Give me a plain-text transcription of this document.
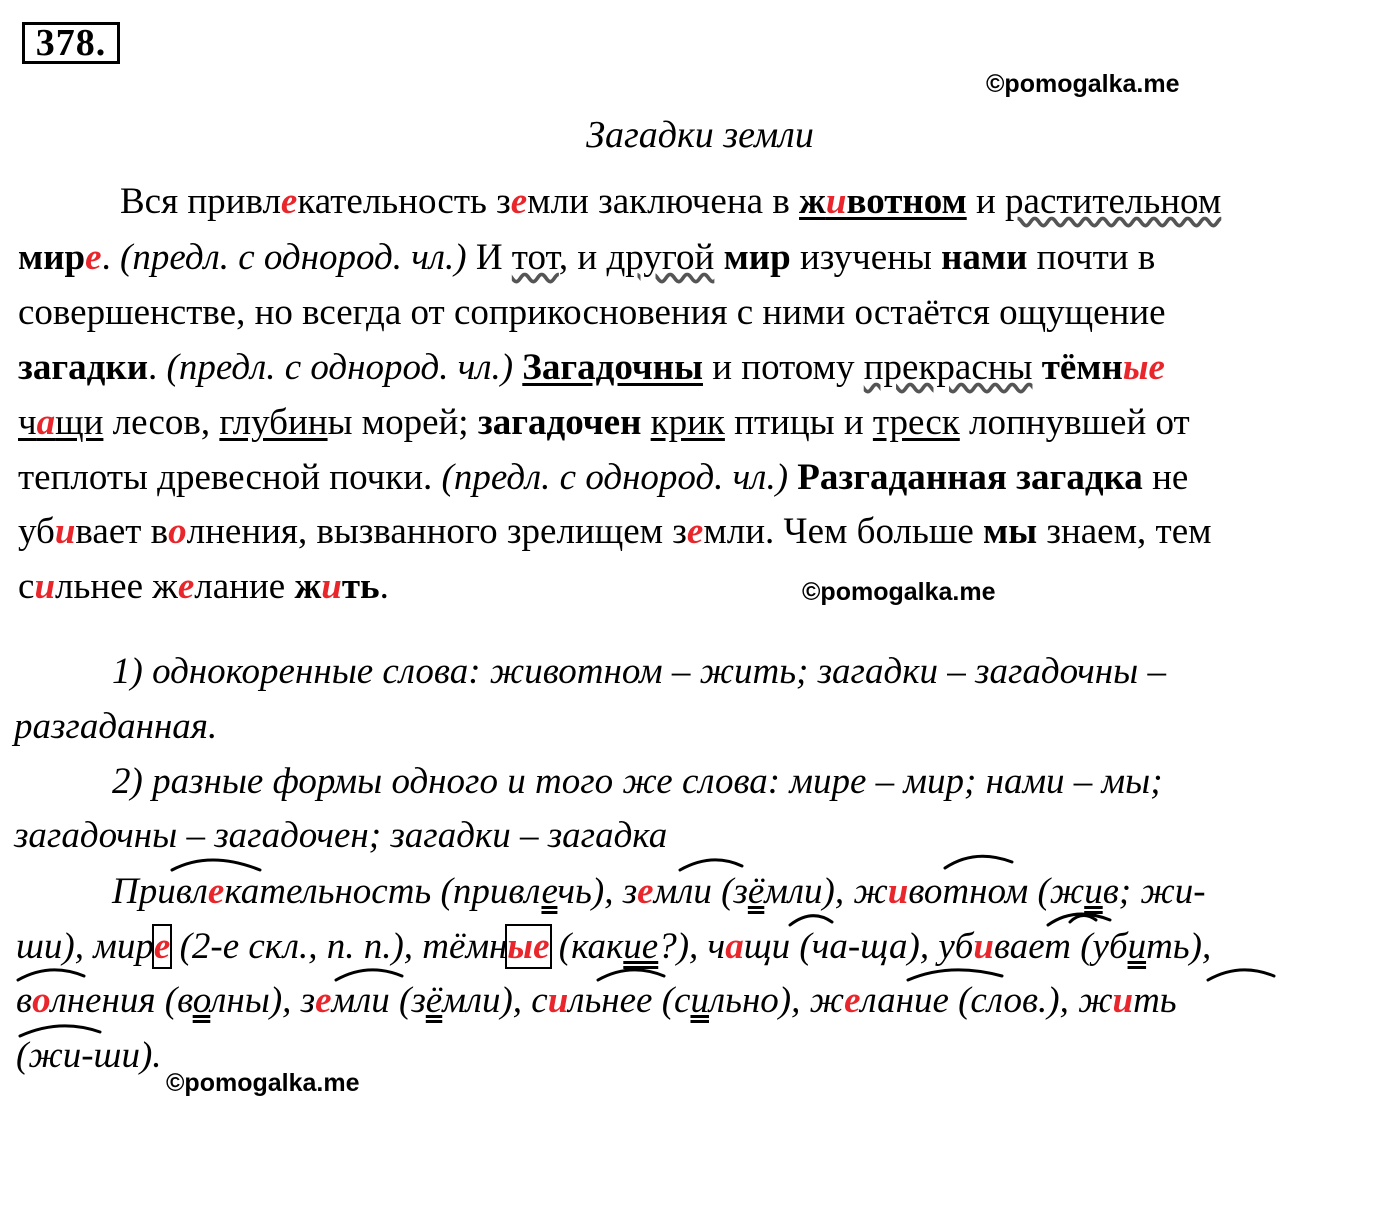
378.
©pomogalka.me
Загадки земли
Вся привлекательность земли заключена в животном и растительном
мире. (предл. с однород. чл.) И тот, и другой мир изучены нами почти в
совершенстве, но всегда от соприкосновения с ними остаётся ощущение
загадки. (предл. с однород. чл.) Загадочны и потому прекрасны тёмные
чащи лесов, глубины морей; загадочен крик птицы и треск лопнувшей от
теплоты древесной почки. (предл. с однород. чл.) Разгаданная загадка не
убивает волнения, вызванного зрелищем земли. Чем больше мы знаем, тем
сильнее желание жить.	©pomogalka.me
1) однокоренные слова: животном – жить; загадки – загадочны –
разгаданная.
2) разные формы одного и того же слова: мире – мир; нами – мы;
загадочны – загадочен; загадки – загадка
Привлекательность (привлечь), земли (зёмли), животном (жив; жи-
ши), мире (2-е скл., п. п.), тёмные (какие?), чащи (ча-ща), убивает (убить),
волнения (волны), земли (зёмли), сильнее (сильно), желание (слов.), жить
(жи-ши).
©pomogalka.me
